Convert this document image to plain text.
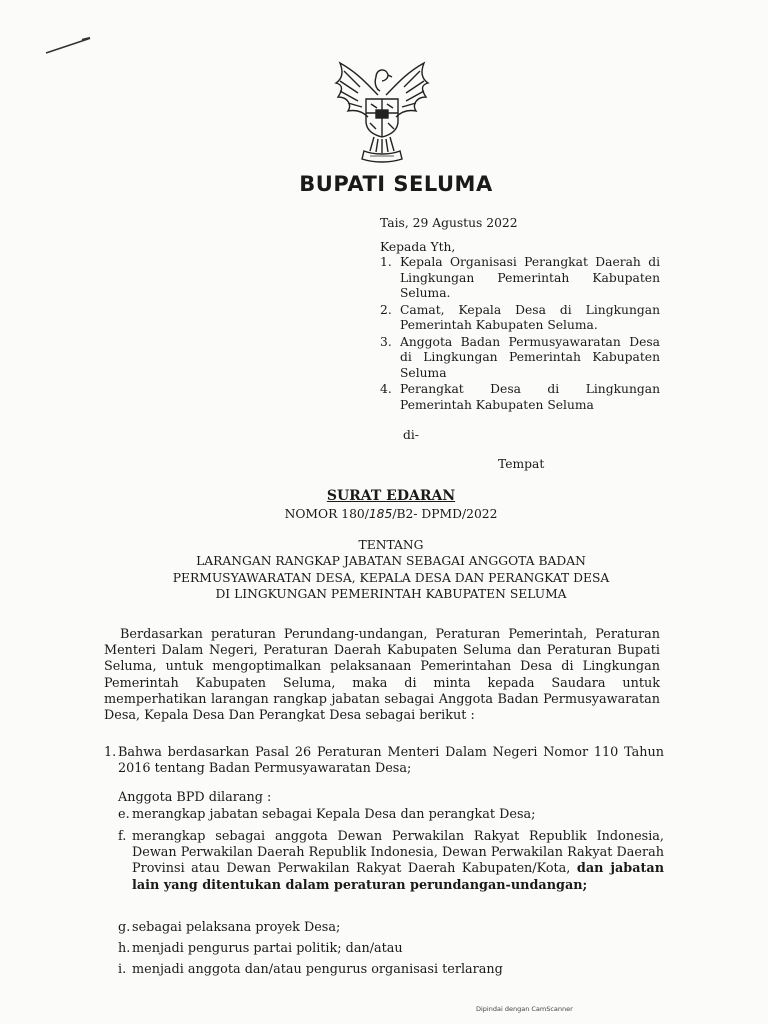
BUPATI SELUMA
Tais, 29 Agustus 2022
Kepada Yth,
1. Kepala Organisasi Perangkat Daerah di Lingkungan Pemerintah Kabupaten Seluma.
2. Camat, Kepala Desa di Lingkungan Pemerintah Kabupaten Seluma.
3. Anggota Badan Permusyawaratan Desa di Lingkungan Pemerintah Kabupaten Seluma
4. Perangkat Desa di Lingkungan Pemerintah Kabupaten Seluma
di-
Tempat
SURAT EDARAN
NOMOR 180/185/B2- DPMD/2022
TENTANG
LARANGAN RANGKAP JABATAN SEBAGAI ANGGOTA BADAN
PERMUSYAWARATAN DESA, KEPALA DESA DAN PERANGKAT DESA
DI LINGKUNGAN PEMERINTAH KABUPATEN SELUMA

Berdasarkan peraturan Perundang-undangan, Peraturan Pemerintah, Peraturan Menteri Dalam Negeri, Peraturan Daerah Kabupaten Seluma dan Peraturan Bupati Seluma, untuk mengoptimalkan pelaksanaan Pemerintahan Desa di Lingkungan Pemerintah Kabupaten Seluma, maka di minta kepada Saudara untuk memperhatikan larangan rangkap jabatan sebagai Anggota Badan Permusyawaratan Desa, Kepala Desa Dan Perangkat Desa sebagai berikut :

1. Bahwa berdasarkan Pasal 26 Peraturan Menteri Dalam Negeri Nomor 110 Tahun 2016 tentang Badan Permusyawaratan Desa;
Anggota BPD dilarang :
e. merangkap jabatan sebagai Kepala Desa dan perangkat Desa;
f. merangkap sebagai anggota Dewan Perwakilan Rakyat Republik Indonesia, Dewan Perwakilan Daerah Republik Indonesia, Dewan Perwakilan Rakyat Daerah Provinsi atau Dewan Perwakilan Rakyat Daerah Kabupaten/Kota, dan jabatan lain yang ditentukan dalam peraturan perundangan-undangan;
g. sebagai pelaksana proyek Desa;
h. menjadi pengurus partai politik; dan/atau
i. menjadi anggota dan/atau pengurus organisasi terlarang
Dipindai dengan CamScanner
